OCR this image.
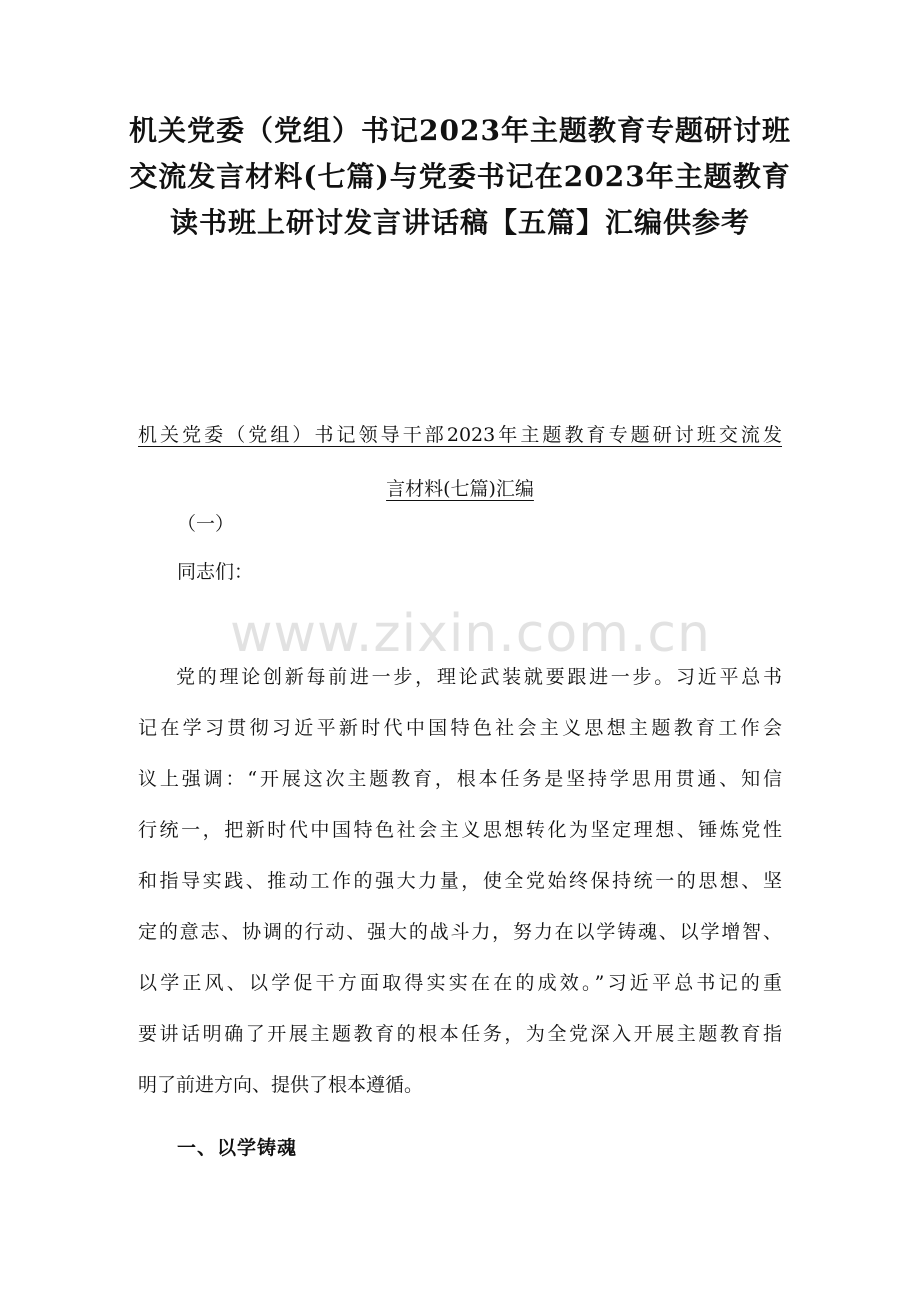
机关党委（党组）书记2023年主题教育专题研讨班
交流发言材料(七篇)与党委书记在2023年主题教育
读书班上研讨发言讲话稿【五篇】汇编供参考
机关党委（党组）书记领导干部2023年主题教育专题研讨班交流发
言材料(七篇)汇编
（一）
同志们：
www.zixin.com.cn
党的理论创新每前进一步，理论武装就要跟进一步。习近平总书
记在学习贯彻习近平新时代中国特色社会主义思想主题教育工作会
议上强调：“开展这次主题教育，根本任务是坚持学思用贯通、知信
行统一，把新时代中国特色社会主义思想转化为坚定理想、锤炼党性
和指导实践、推动工作的强大力量，使全党始终保持统一的思想、坚
定的意志、协调的行动、强大的战斗力，努力在以学铸魂、以学增智、
以学正风、以学促干方面取得实实在在的成效。”习近平总书记的重
要讲话明确了开展主题教育的根本任务，为全党深入开展主题教育指
明了前进方向、提供了根本遵循。
一、以学铸魂
